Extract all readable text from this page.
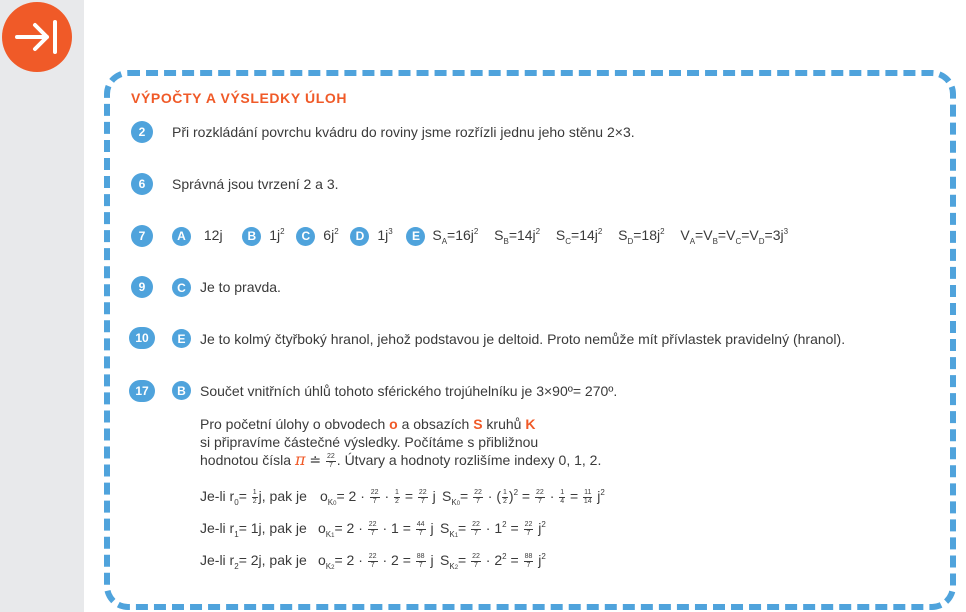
VÝPOČTY A VÝSLEDKY ÚLOH
2	Při rozkládání povrchu kvádru do roviny jsme rozřízli jednu jeho stěnu 2×3.
6	Správná jsou tvrzení 2 a 3.
7	A 12j B $1j^2$ C $6j^2$ D $1j^3$ E $S_A=16j^2$ $S_B=14j^2$ $S_C=14j^2$ $S_D=18j^2$ $V_A=V_B=V_C=V_D=3j^3$
9	C	Je to pravda.
10	E	Je to kolmý čtyřboký hranol, jehož podstavou je deltoid. Proto nemůže mít přívlastek pravidelný (hranol).
17	B	Součet vnitřních úhlů tohoto sférického trojúhelníku je 3×90º= 270º.
Pro početní úlohy o obvodech o a obsazích S kruhů K
si připravíme částečné výsledky. Počítáme s přibližnou
hodnotou čísla π ≐ $\frac{22}{7}$ . Útvary a hodnoty rozlišíme indexy 0, 1, 2.
Je-li $r_0= \frac{1}{2} j$, pak je $o_{K0}= 2 \cdot \frac{22}{7} \cdot \frac{1}{2} = \frac{22}{7}$ j $S_{K0}= \frac{22}{7}$ · ( $\frac{1}{2} )^2 = \frac{22}{7} \cdot \frac{1}{4} = \frac{11}{14} j^2$
Je-li $r_1= 1j$, pak je $o_{K1}= 2 \cdot \frac{22}{7} \cdot 1 = \frac{44}{7}$ j $S_{K1}= \frac{22}{7} \cdot 1^2 = \frac{22}{7} j^2$
Je-li $r_2= 2j$, pak je $o_{K2}= 2 \cdot \frac{22}{7} \cdot 2 = \frac{88}{7}$ j $S_{K2}= \frac{22}{7} \cdot 2^2 = \frac{88}{7} j^2$
